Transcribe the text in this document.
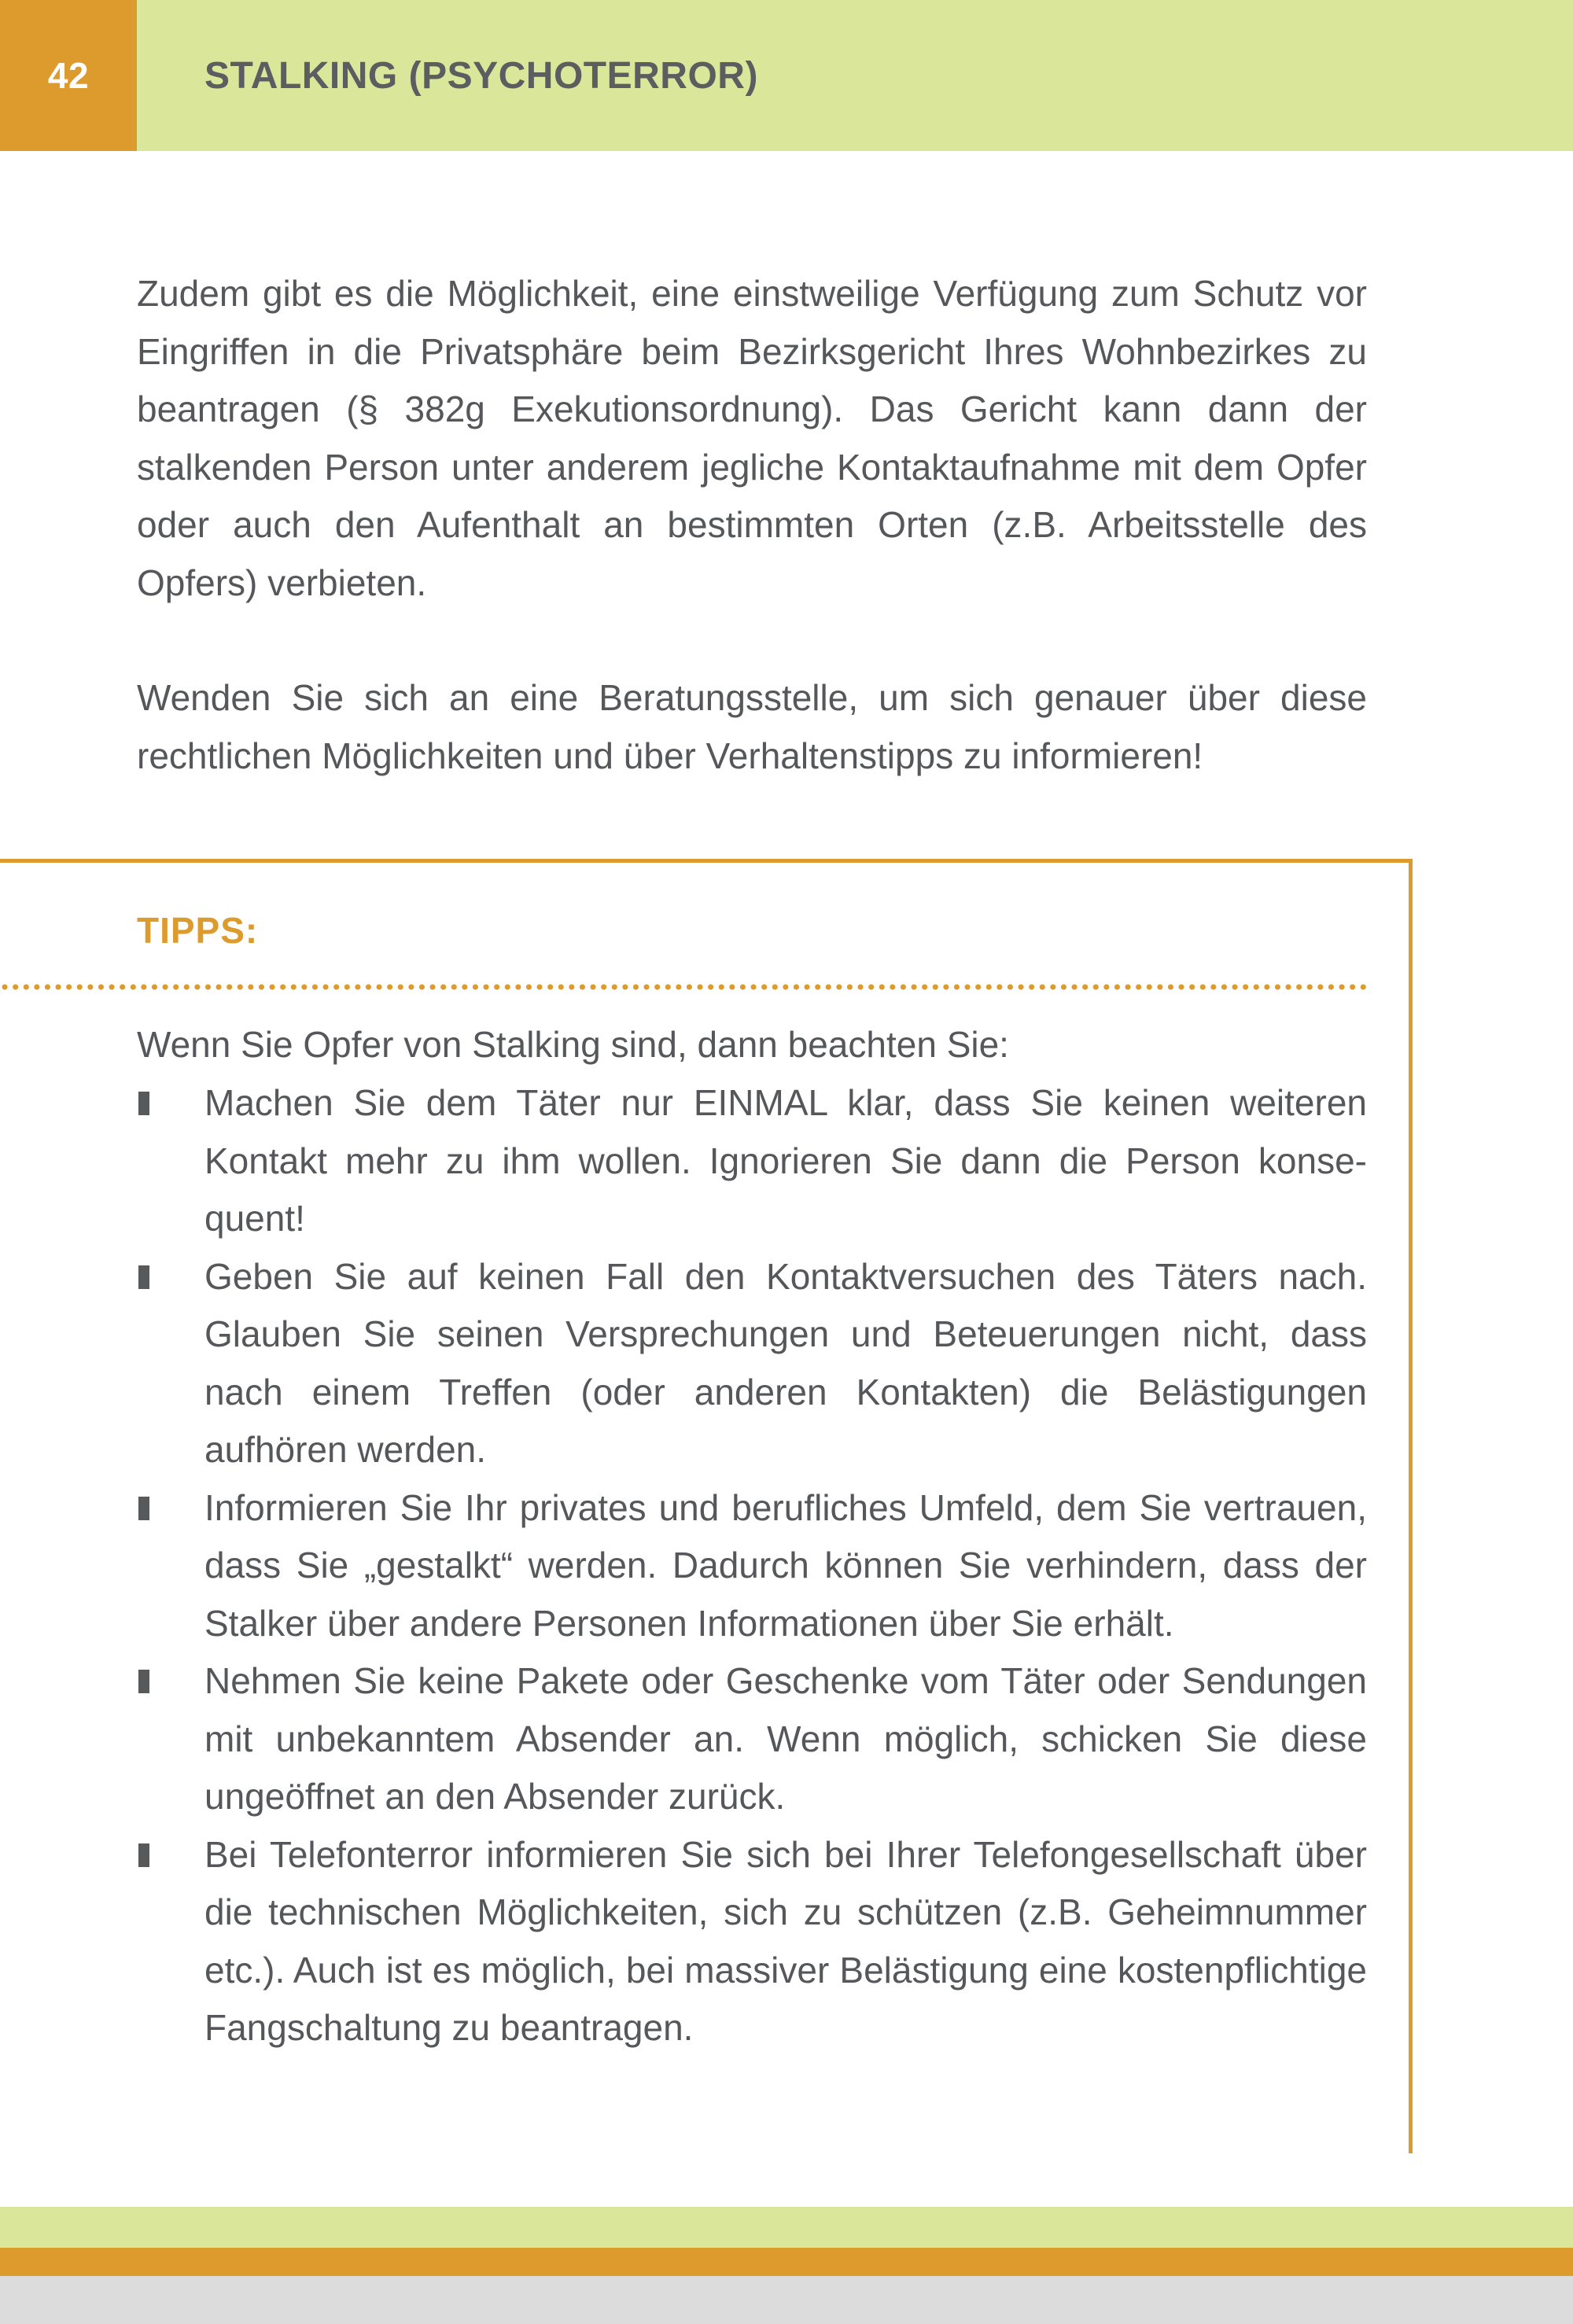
42	STALKING (PSYCHOTERROR)

Zudem gibt es die Möglichkeit, eine einstweilige Verfügung zum Schutz vor Eingriffen in die Privatsphäre beim Bezirksgericht Ihres Wohnbezirkes zu beantragen (§ 382g Exekutionsordnung). Das Gericht kann dann der stalkenden Person unter anderem jegliche Kontaktaufnahme mit dem Opfer oder auch den Aufenthalt an bestimmten Orten (z.B. Arbeitsstelle des Opfers) verbieten.

Wenden Sie sich an eine Beratungsstelle, um sich genauer über diese rechtlichen Möglichkeiten und über Verhaltenstipps zu informieren!

TIPPS:
Wenn Sie Opfer von Stalking sind, dann beachten Sie:
Machen Sie dem Täter nur EINMAL klar, dass Sie keinen weiteren Kontakt mehr zu ihm wollen. Ignorieren Sie dann die Person konsequent!
Geben Sie auf keinen Fall den Kontaktversuchen des Täters nach. Glauben Sie seinen Versprechungen und Beteuerungen nicht, dass nach einem Treffen (oder anderen Kontakten) die Belästigungen aufhören werden.
Informieren Sie Ihr privates und berufliches Umfeld, dem Sie vertrauen, dass Sie „gestalkt“ werden. Dadurch können Sie verhindern, dass der Stalker über andere Personen Informationen über Sie erhält.
Nehmen Sie keine Pakete oder Geschenke vom Täter oder Sendungen mit unbekanntem Absender an. Wenn möglich, schicken Sie diese ungeöffnet an den Absender zurück.
Bei Telefonterror informieren Sie sich bei Ihrer Telefongesellschaft über die technischen Möglichkeiten, sich zu schützen (z.B. Geheimnummer etc.). Auch ist es möglich, bei massiver Belästigung eine kostenpflichtige Fangschaltung zu beantragen.
